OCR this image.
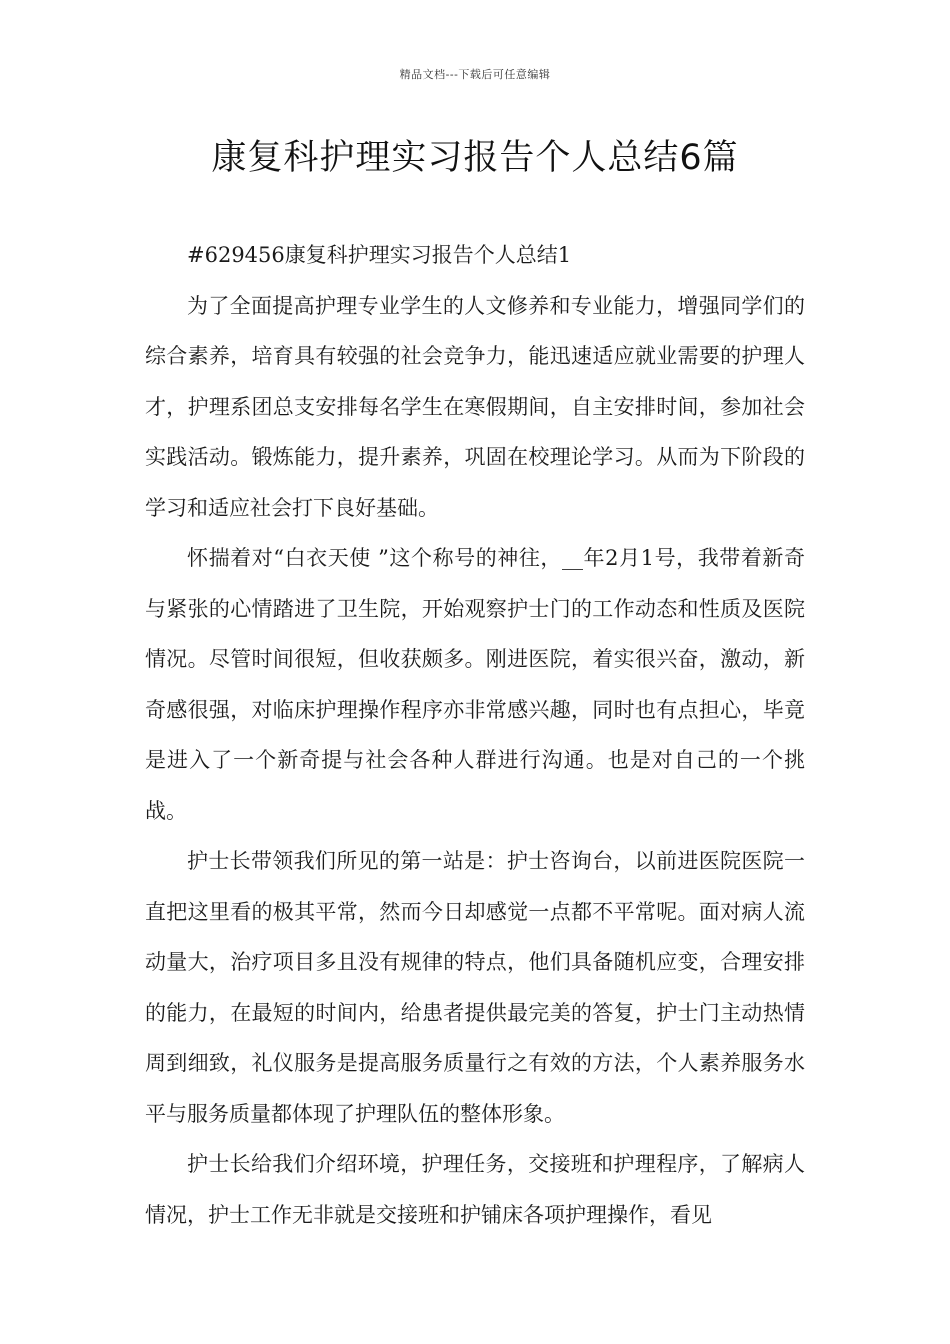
精品文档---下载后可任意编辑
康复科护理实习报告个人总结6篇

#629456康复科护理实习报告个人总结1

为了全面提高护理专业学生的人文修养和专业能力，增强同学们的综合素养，培育具有较强的社会竞争力，能迅速适应就业需要的护理人才，护理系团总支安排每名学生在寒假期间，自主安排时间，参加社会实践活动。锻炼能力，提升素养，巩固在校理论学习。从而为下阶段的学习和适应社会打下良好基础。

怀揣着对“白衣天使 ”这个称号的神往，__年2月1号，我带着新奇与紧张的心情踏进了卫生院，开始观察护士门的工作动态和性质及医院情况。尽管时间很短，但收获颇多。刚进医院，着实很兴奋，激动，新奇感很强，对临床护理操作程序亦非常感兴趣，同时也有点担心，毕竟是进入了一个新奇提与社会各种人群进行沟通。也是对自己的一个挑战。

护士长带领我们所见的第一站是：护士咨询台，以前进医院医院一直把这里看的极其平常，然而今日却感觉一点都不平常呢。面对病人流动量大，治疗项目多且没有规律的特点，他们具备随机应变，合理安排的能力，在最短的时间内，给患者提供最完美的答复，护士门主动热情周到细致，礼仪服务是提高服务质量行之有效的方法，个人素养服务水平与服务质量都体现了护理队伍的整体形象。

护士长给我们介绍环境，护理任务，交接班和护理程序，了解病人情况，护士工作无非就是交接班和护铺床各项护理操作，看见
